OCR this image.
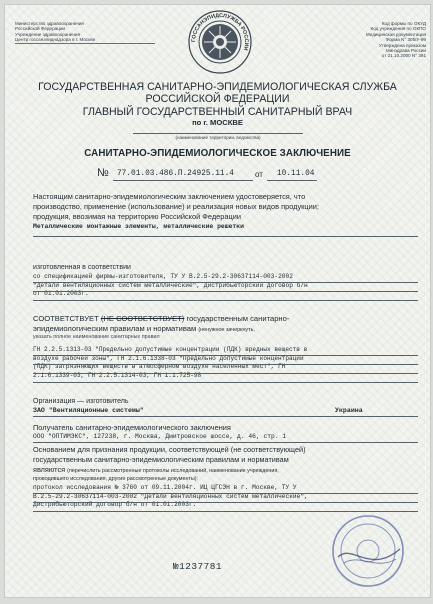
Министерство здравоохранения
Российской Федерации
Учреждение здравоохранения
Центр госсанэпиднадзора в г. Москве
Код формы по ОКУД
Код учреждения по ОКПО
Медицинская документация
Форма N° 305/У-99
Утверждена приказом
Минздрава России
от 21.10.2000 N° 391
ГОССАНЭПИДСЛУЖБА РОССИИ
ГОСУДАРСТВЕННАЯ САНИТАРНО-ЭПИДЕМИОЛОГИЧЕСКАЯ СЛУЖБА
РОССИЙСКОЙ ФЕДЕРАЦИИ
ГЛАВНЫЙ ГОСУДАРСТВЕННЫЙ САНИТАРНЫЙ ВРАЧ
по г. МОСКВЕ
(наименование территории, ведомства)
САНИТАРНО-ЭПИДЕМИОЛОГИЧЕСКОЕ ЗАКЛЮЧЕНИЕ
№ 77.01.03.486.П.24925.11.4	от 10.11.04
Настоящим санитарно-эпидемиологическим заключением удостоверяется, что
производство, применение (использование) и реализация новых видов продукции;
продукция, ввозимая на территорию Российской Федерации
Металлические монтажные элементы, металлические решетки
изготовленная в соответствии
со спецификацией фирмы-изготовителя, ТУ У В.2.5-29.2-30637114-003-2002
"Детали вентиляционных систем металлические", Дистрибьюторский договор б/н
от 01.01.2003г.
СООТВЕТСТВУЕТ (НЕ СООТВЕТСТВУЕТ) государственным санитарно-
эпидемиологическим правилам и нормативам (ненужное зачеркнуть,
указать полное наименование санитарных правил
ГН 2.2.5.1313-03 "Предельно допустимые концентрации (ПДК) вредных веществ в
воздухе рабочей зоны", ГН 2.1.6.1338-03 "Предельно допустимые концентрации
(ПДК) загрязняющих веществ в атмосферном воздухе населенных мест", ГН
2.1.6.1339-03, ГН 2.2.5.1314-03, ГН 1.1.725-98
Организация — изготовитель
ЗАО "Вентиляционные системы"	Украина
Получатель санитарно-эпидемиологического заключения
ООО "ОПТИМЭКС", 127238, г. Москва, Дмитровское шоссе, д. 46, стр. 1
Основанием для признания продукции, соответствующей (не соответствующей)
государственным санитарно-эпидемиологическим правилам и нормативам
являются (перечислить рассмотренные протоколы исследований, наименование учреждения,
проводившего исследования, другие рассмотренные документы):
протокол исследования № 3760 от 09.11.2004г. ИЦ ЦГСЭН в г. Москве, ТУ У
В.2.5-29.2-30637114-003-2002 "Детали вентиляционных систем металлические",
Дистрибьюторский договор б/н от 01.01.2003г.
№1237781
